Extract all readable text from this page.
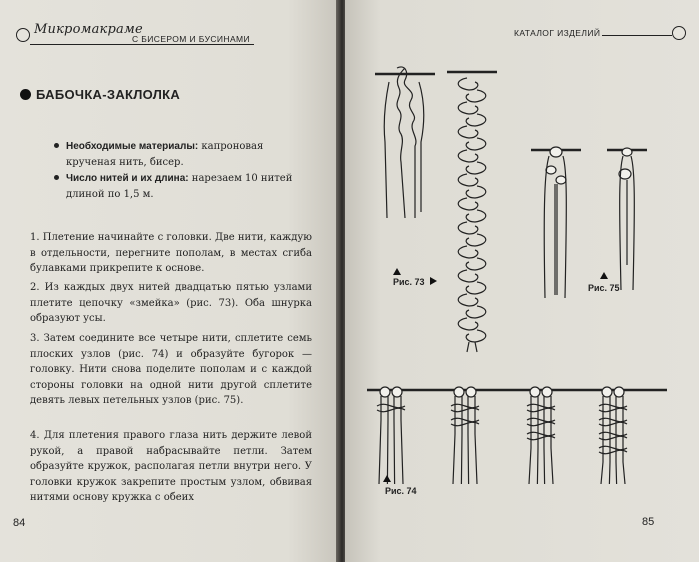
Микромакраме
С БИСЕРОМ И БУСИНАМИ
БАБОЧКА-ЗАКЛОЛКА
Необходимые материалы: капроновая крученая нить, бисер.
Число нитей и их длина: нарезаем 10 нитей длиной по 1,5 м.
1. Плетение начинайте с головки. Две нити, каждую в отдельности, перегните пополам, в местах сгиба булавками прикрепите к основе.
2. Из каждых двух нитей двадцатью пятью узлами плетите цепочку «змейка» (рис. 73). Оба шнурка образуют усы.
3. Затем соедините все четыре нити, сплетите семь плоских узлов (рис. 74) и образуйте бугорок — головку. Нити снова поделите пополам и с каждой стороны головки на одной нити другой сплетите девять левых петельных узлов (рис. 75).
4. Для плетения правого глаза нить держите левой рукой, а правой набрасывайте петли. Затем образуйте кружок, располагая петли внутри него. У головки кружок закрепите простым узлом, обвивая нитями основу кружка с обеих
84
КАТАЛОГ ИЗДЕЛИЙ
Рис. 73
Рис. 75
Рис. 74
85
